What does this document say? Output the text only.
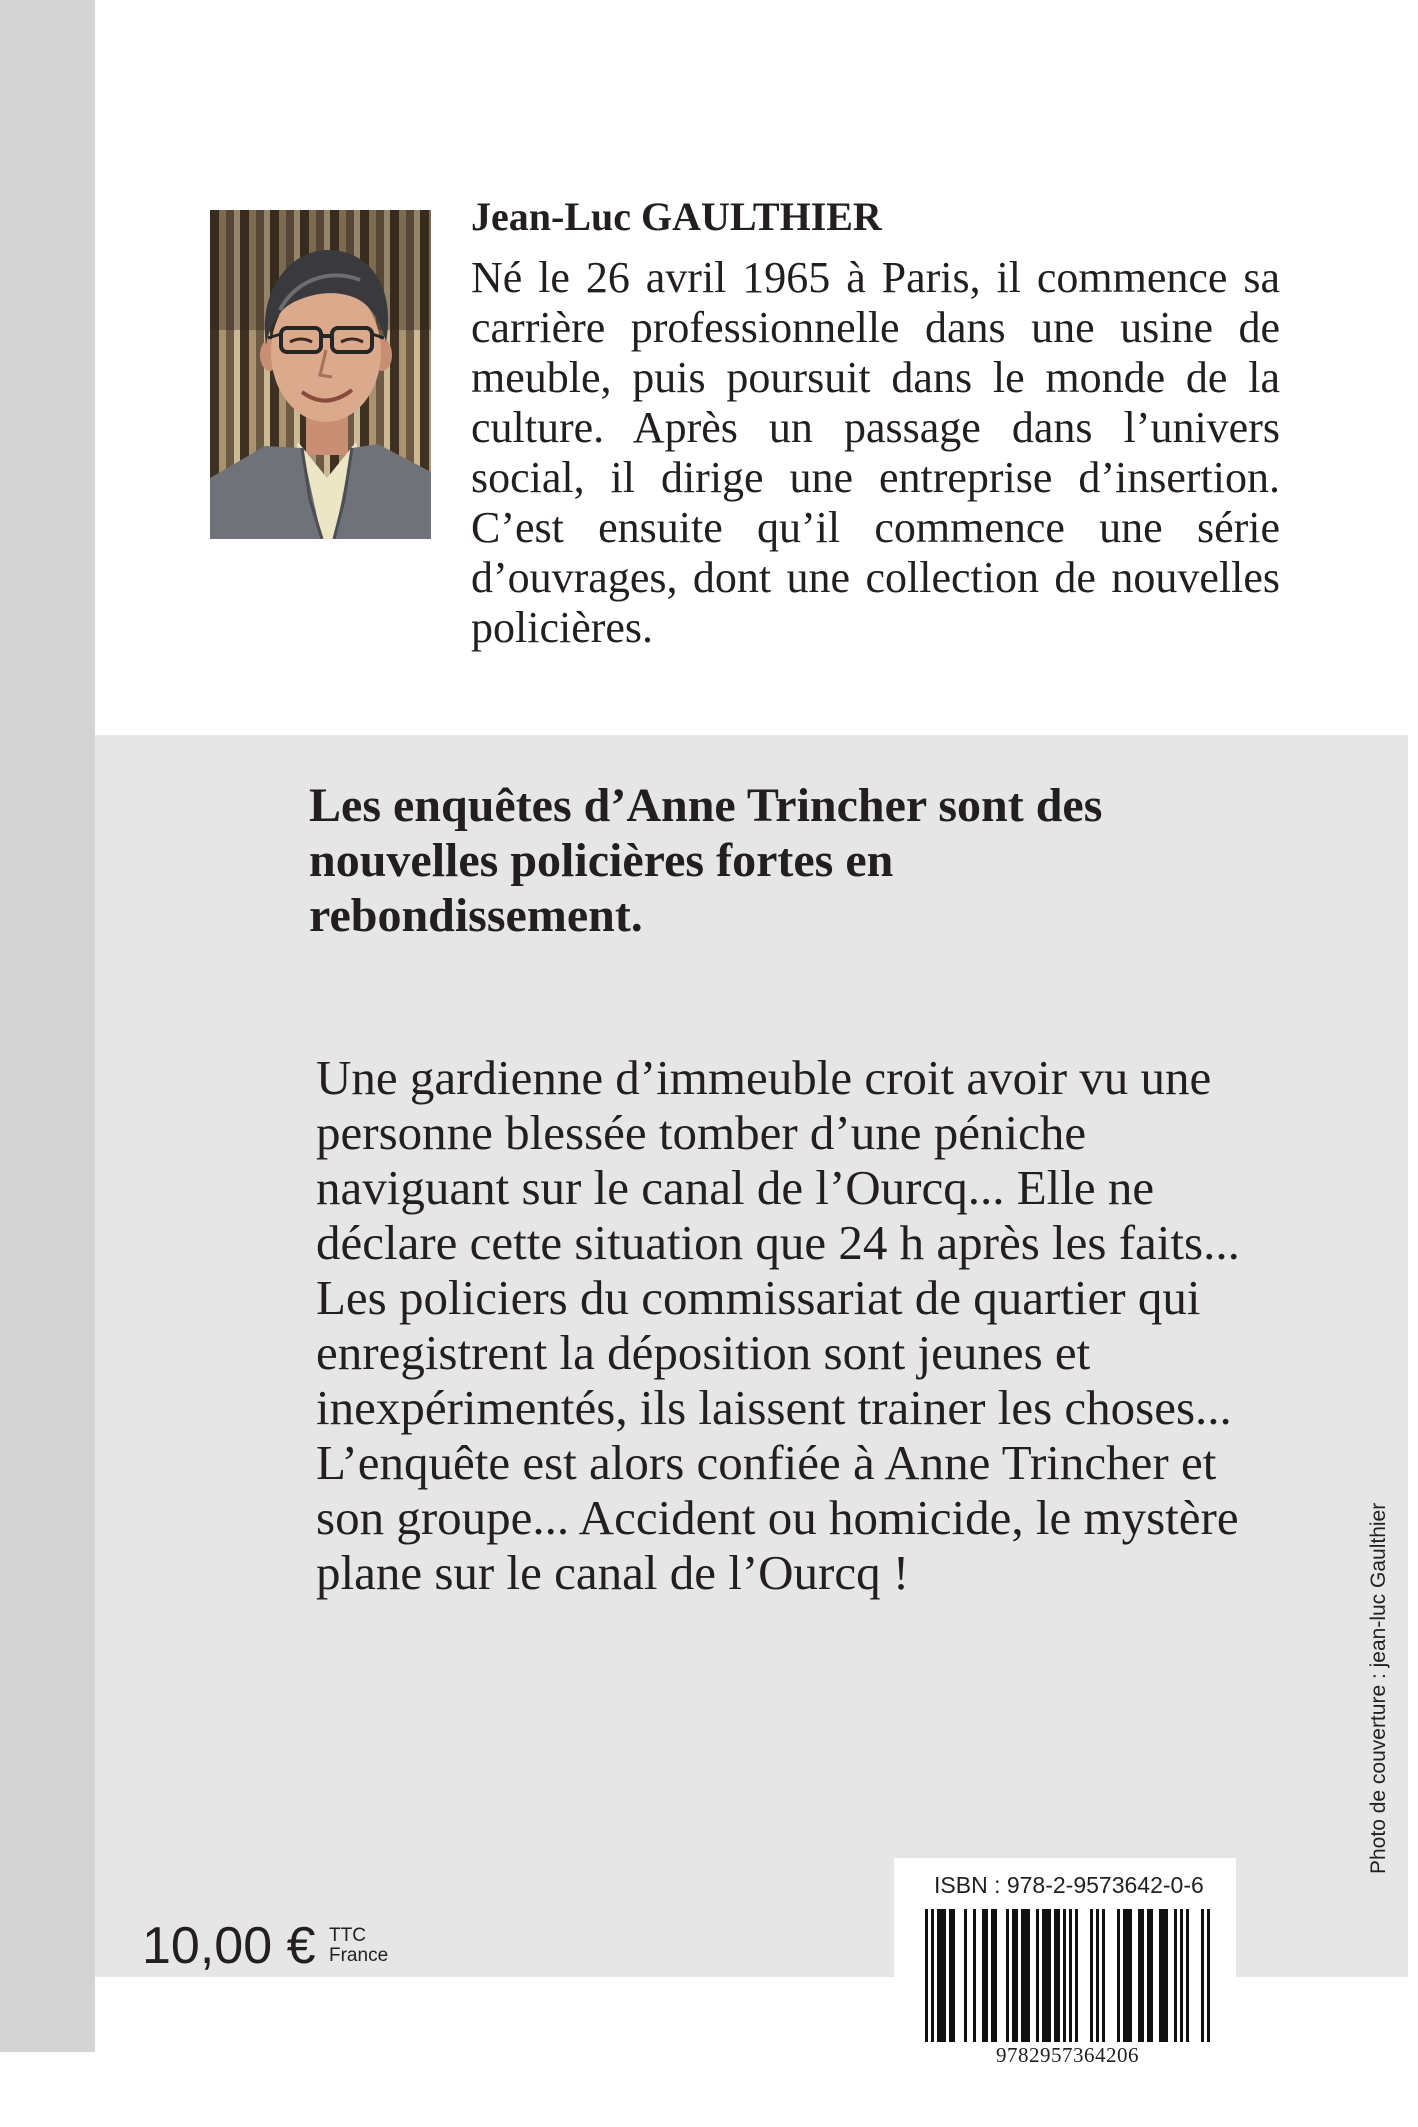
Jean-Luc GAULTHIER
Né le 26 avril 1965 à Paris, il commence sa
carrière professionnelle dans une usine de
meuble, puis poursuit dans le monde de la
culture. Après un passage dans l’univers
social, il dirige une entreprise d’insertion.
C’est ensuite qu’il commence une série
d’ouvrages, dont une collection de nouvelles
policières.
Les enquêtes d’Anne Trincher sont des
nouvelles policières fortes en
rebondissement.
Une gardienne d’immeuble croit avoir vu une
personne blessée tomber d’une péniche
naviguant sur le canal de l’Ourcq... Elle ne
déclare cette situation que 24 h après les faits...
Les policiers du commissariat de quartier qui
enregistrent la déposition sont jeunes et
inexpérimentés, ils laissent trainer les choses...
L’enquête est alors confiée à Anne Trincher et
son groupe... Accident ou homicide, le mystère
plane sur le canal de l’Ourcq !	Photo de couverture : jean-luc Gaulthier
10,00 € TTC
France
ISBN : 978-2-9573642-0-6
9782957364206
